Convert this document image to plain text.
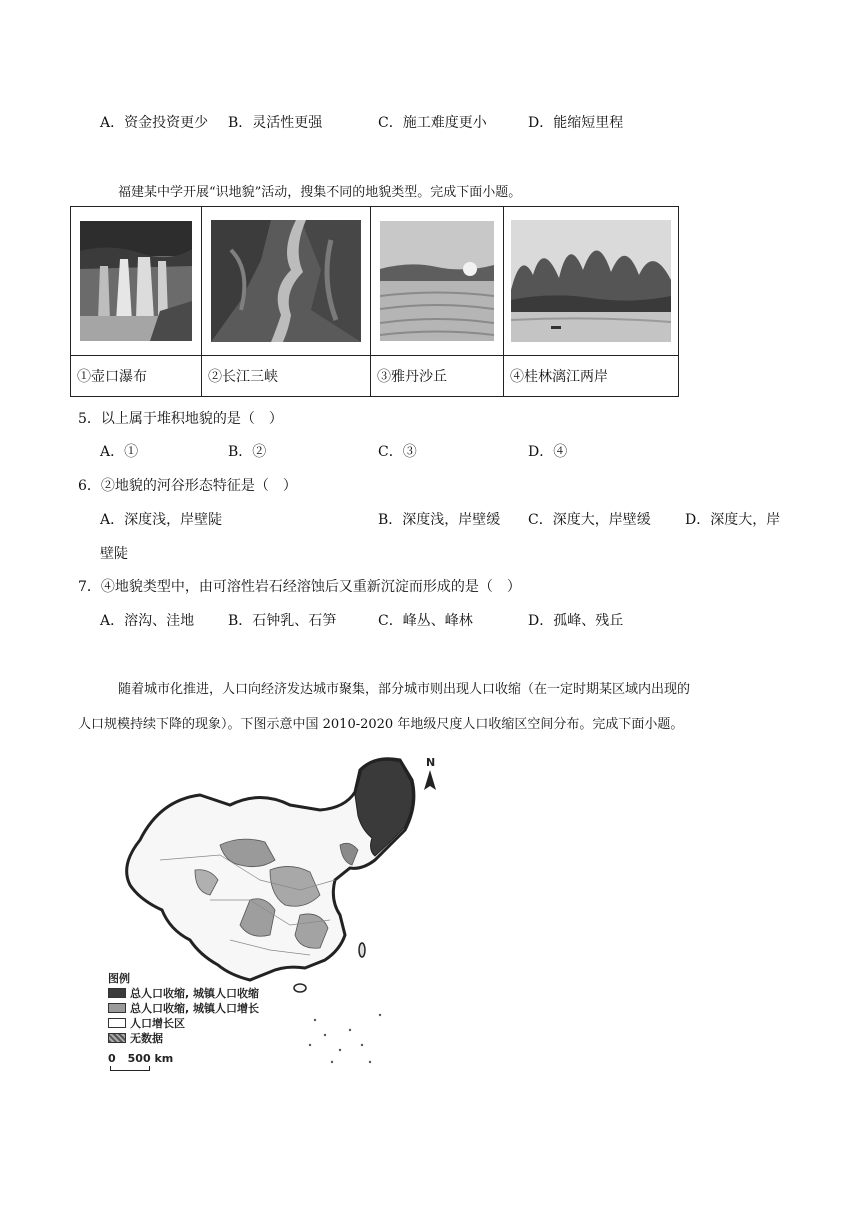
A．资金投资更少 B．灵活性更强	C．施工难度更小	D．能缩短里程
福建某中学开展“识地貌”活动，搜集不同的地貌类型。完成下面小题。

①壶口瀑布	②长江三峡	③雅丹沙丘	④桂林漓江两岸
5．以上属于堆积地貌的是（　）
A．①	B．②	C．③	D．④
6．②地貌的河谷形态特征是（　）
A．深度浅，岸壁陡	B．深度浅，岸壁缓 C．深度大，岸壁缓 D．深度大，岸
壁陡
7．④地貌类型中，由可溶性岩石经溶蚀后又重新沉淀而形成的是（　）
A．溶沟、洼地 B．石钟乳、石笋	C．峰丛、峰林	D．孤峰、残丘
随着城市化推进，人口向经济发达城市聚集，部分城市则出现人口收缩（在一定时期某区域内出现的
人口规模持续下降的现象）。下图示意中国 2010-2020 年地级尺度人口收缩区空间分布。完成下面小题。
N
图例
总人口收缩, 城镇人口收缩
总人口收缩, 城镇人口增长
人口增长区
无数据
0 500 km
